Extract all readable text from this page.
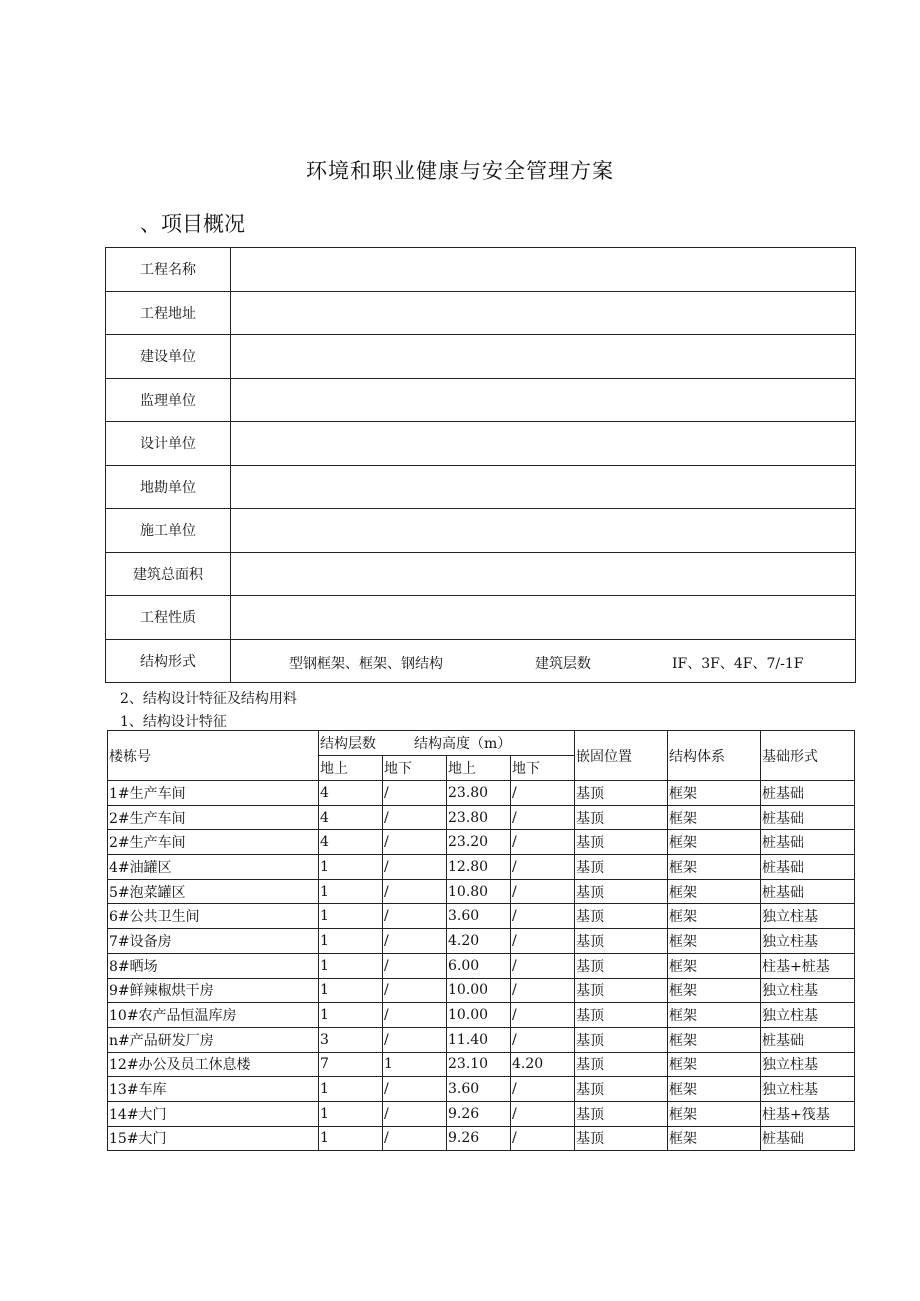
环境和职业健康与安全管理方案
、项目概况
工程名称	
工程地址	
建设单位	
监理单位	
设计单位	
地勘单位	
施工单位	
建筑总面积	
工程性质	
结构形式	型钢框架、框架、钢结构 建筑层数 IF、3F、4F、7/-1F
2、结构设计特征及结构用料
1、结构设计特征
楼栋号	结构层数 结构高度（m）				嵌固位置	结构体系	基础形式
	地上	地下	地上	地下			
1#生产车间	4	/	23.80	/	基顶	框架	桩基础
2#生产车间	4	/	23.80	/	基顶	框架	桩基础
2#生产车间	4	/	23.20	/	基顶	框架	桩基础
4#油罐区	1	/	12.80	/	基顶	框架	桩基础
5#泡菜罐区	1	/	10.80	/	基顶	框架	桩基础
6#公共卫生间	1	/	3.60	/	基顶	框架	独立柱基
7#设备房	1	/	4.20	/	基顶	框架	独立柱基
8#晒场	1	/	6.00	/	基顶	框架	柱基+桩基
9#鲜辣椒烘干房	1	/	10.00	/	基顶	框架	独立柱基
10#农产品恒温库房	1	/	10.00	/	基顶	框架	独立柱基
n#产品研发厂房	3	/	11.40	/	基顶	框架	桩基础
12#办公及员工休息楼	7	1	23.10	4.20	基顶	框架	独立柱基
13#车库	1	/	3.60	/	基顶	框架	独立柱基
14#大门	1	/	9.26	/	基顶	框架	柱基+筏基
15#大门	1	/	9.26	/	基顶	框架	桩基础
